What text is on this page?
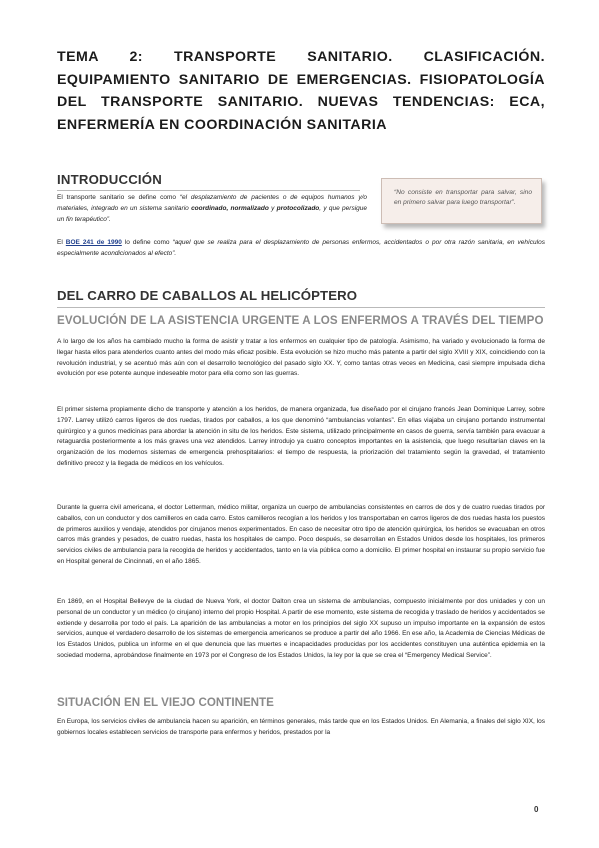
TEMA 2: TRANSPORTE SANITARIO. CLASIFICACIÓN. EQUIPAMIENTO SANITARIO DE EMERGENCIAS. FISIOPATOLOGÍA DEL TRANSPORTE SANITARIO. NUEVAS TENDENCIAS: ECA, ENFERMERÍA EN COORDINACIÓN SANITARIA
INTRODUCCIÓN

El transporte sanitario se define como “el desplazamiento de pacientes o de equipos humanos y/o materiales, integrado en un sistema sanitario coordinado, normalizado y protocolizado, y que persigue un fin terapéutico”.

“No consiste en transportar para salvar, sino en primero salvar para luego transportar”.

El BOE 241 de 1990 lo define como “aquel que se realiza para el desplazamiento de personas enfermos, accidentados o por otra razón sanitaria, en vehículos especialmente acondicionados al efecto”.

DEL CARRO DE CABALLOS AL HELICÓPTERO
EVOLUCIÓN DE LA ASISTENCIA URGENTE A LOS ENFERMOS A TRAVÉS DEL TIEMPO

A lo largo de los años ha cambiado mucho la forma de asistir y tratar a los enfermos en cualquier tipo de patología. Asimismo, ha variado y evolucionado la forma de llegar hasta ellos para atenderlos cuanto antes del modo más eficaz posible. Esta evolución se hizo mucho más patente a partir del siglo XVIII y XIX, coincidiendo con la revolución industrial, y se acentuó más aún con el desarrollo tecnológico del pasado siglo XX. Y, como tantas otras veces en Medicina, casi siempre impulsada dicha evolución por ese potente aunque indeseable motor para ella como son las guerras.

El primer sistema propiamente dicho de transporte y atención a los heridos, de manera organizada, fue diseñado por el cirujano francés Jean Dominique Larrey, sobre 1797. Larrey utilizó carros ligeros de dos ruedas, tirados por caballos, a los que denominó “ambulancias volantes”. En ellas viajaba un cirujano portando instrumental quirúrgico y a gunos medicinas para abordar la atención in situ de los heridos. Este sistema, utilizado principalmente en casos de guerra, servía también para evacuar a retaguardia posteriormente a los más graves una vez atendidos. Larrey introdujo ya cuatro conceptos importantes en la asistencia, que luego resultarían claves en la organización de los modernos sistemas de emergencia prehospitalarios: el tiempo de respuesta, la priorización del tratamiento según la gravedad, el tratamiento definitivo precoz y la llegada de médicos en los vehículos.

Durante la guerra civil americana, el doctor Letterman, médico militar, organiza un cuerpo de ambulancias consistentes en carros de dos y de cuatro ruedas tirados por caballos, con un conductor y dos camilleros en cada carro. Estos camilleros recogían a los heridos y los transportaban en carros ligeros de dos ruedas hasta los puestos de primeros auxilios y vendaje, atendidos por cirujanos menos experimentados. En caso de necesitar otro tipo de atención quirúrgica, los heridos se evacuaban en otros carros más grandes y pesados, de cuatro ruedas, hasta los hospitales de campo. Poco después, se desarrollan en Estados Unidos desde los hospitales, los primeros servicios civiles de ambulancia para la recogida de heridos y accidentados, tanto en la vía pública como a domicilio. El primer hospital en instaurar su propio servicio fue en Hospital general de Cincinnati, en el año 1865.

En 1869, en el Hospital Bellevye de la ciudad de Nueva York, el doctor Dalton crea un sistema de ambulancias, compuesto inicialmente por dos unidades y con un personal de un conductor y un médico (o cirujano) interno del propio Hospital. A partir de ese momento, este sistema de recogida y traslado de heridos y accidentados se extiende y desarrolla por todo el país. La aparición de las ambulancias a motor en los principios del siglo XX supuso un impulso importante en la expansión de estos servicios, aunque el verdadero desarrollo de los sistemas de emergencia americanos se produce a partir del año 1966. En ese año, la Academia de Ciencias Médicas de los Estados Unidos, publica un informe en el que denuncia que las muertes e incapacidades producidas por los accidentes constituyen una auténtica epidemia en la sociedad moderna, aprobándose finalmente en 1973 por el Congreso de los Estados Unidos, la ley por la que se crea el “Emergency Medical Service”.

SITUACIÓN EN EL VIEJO CONTINENTE

En Europa, los servicios civiles de ambulancia hacen su aparición, en términos generales, más tarde que en los Estados Unidos. En Alemania, a finales del siglo XIX, los gobiernos locales establecen servicios de transporte para enfermos y heridos, prestados por la

0
